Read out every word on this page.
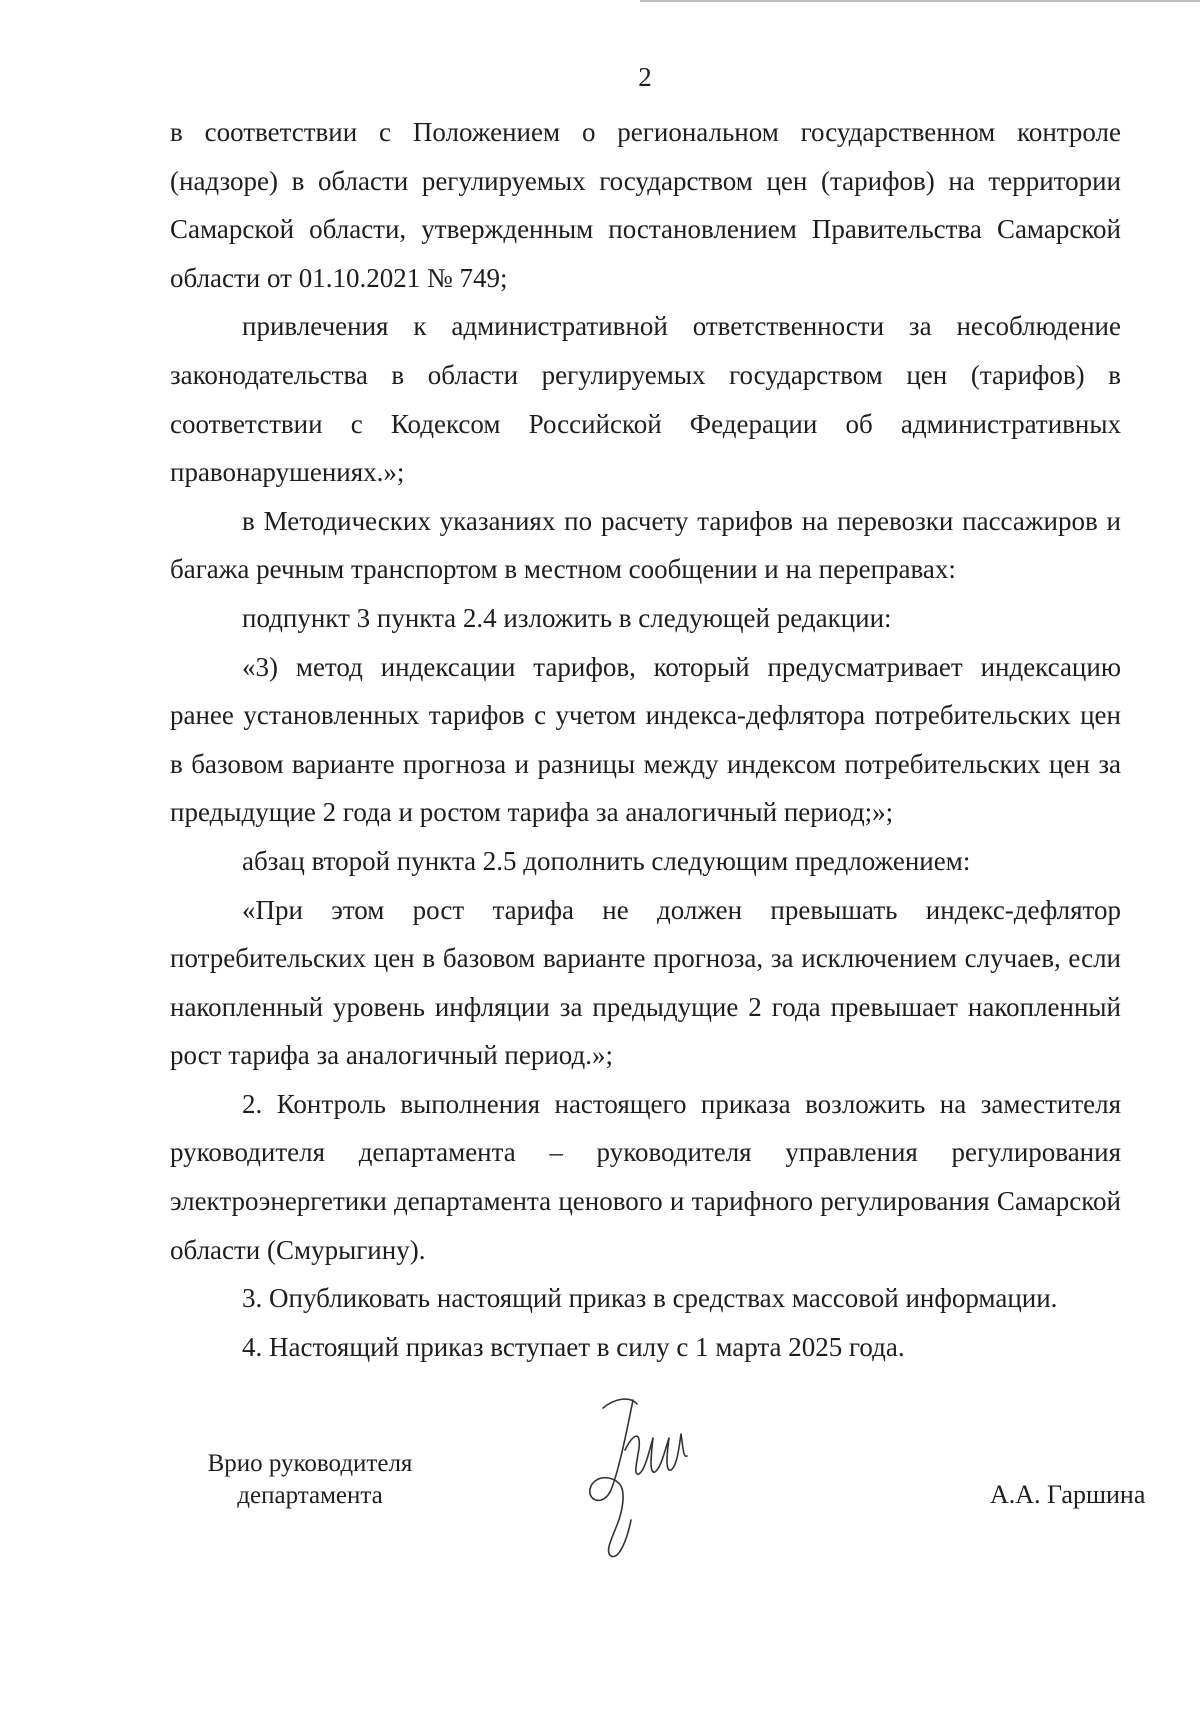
2

в соответствии с Положением о региональном государственном контроле (надзоре) в области регулируемых государством цен (тарифов) на территории Самарской области, утвержденным постановлением Правительства Самарской области от 01.10.2021 № 749;

привлечения к административной ответственности за несоблюдение законодательства в области регулируемых государством цен (тарифов) в соответствии с Кодексом Российской Федерации об административных правонарушениях.»;

в Методических указаниях по расчету тарифов на перевозки пассажиров и багажа речным транспортом в местном сообщении и на переправах:

подпункт 3 пункта 2.4 изложить в следующей редакции:

«3) метод индексации тарифов, который предусматривает индексацию ранее установленных тарифов с учетом индекса-дефлятора потребительских цен в базовом варианте прогноза и разницы между индексом потребительских цен за предыдущие 2 года и ростом тарифа за аналогичный период;»;

абзац второй пункта 2.5 дополнить следующим предложением:

«При этом рост тарифа не должен превышать индекс-дефлятор потребительских цен в базовом варианте прогноза, за исключением случаев, если накопленный уровень инфляции за предыдущие 2 года превышает накопленный рост тарифа за аналогичный период.»;

2. Контроль выполнения настоящего приказа возложить на заместителя руководителя департамента – руководителя управления регулирования электроэнергетики департамента ценового и тарифного регулирования Самарской области (Смурыгину).

3. Опубликовать настоящий приказ в средствах массовой информации.

4. Настоящий приказ вступает в силу с 1 марта 2025 года.

Врио руководителя
департамента	А.А. Гаршина
